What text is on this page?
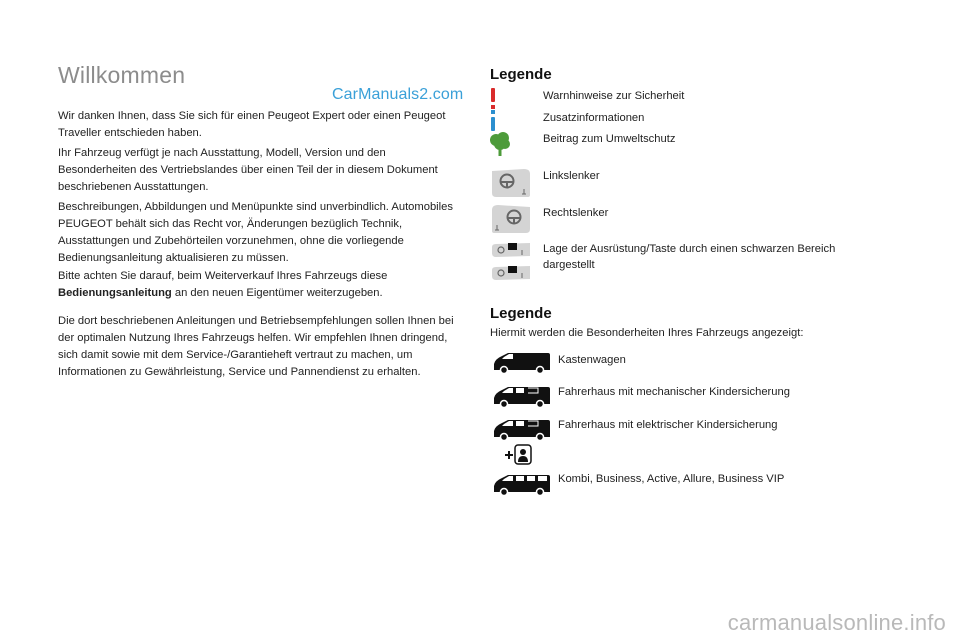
Willkommen
CarManuals2.com

Wir danken Ihnen, dass Sie sich für einen Peugeot Expert oder einen Peugeot Traveller entschieden haben.

Ihr Fahrzeug verfügt je nach Ausstattung, Modell, Version und den Besonderheiten des Vertriebslandes über einen Teil der in diesem Dokument beschriebenen Ausstattungen.

Beschreibungen, Abbildungen und Menüpunkte sind unverbindlich. Automobiles PEUGEOT behält sich das Recht vor, Änderungen bezüglich Technik, Ausstattungen und Zubehörteilen vorzunehmen, ohne die vorliegende Bedienungsanleitung aktualisieren zu müssen.

Bitte achten Sie darauf, beim Weiterverkauf Ihres Fahrzeugs diese Bedienungsanleitung an den neuen Eigentümer weiterzugeben.

Die dort beschriebenen Anleitungen und Betriebsempfehlungen sollen Ihnen bei der optimalen Nutzung Ihres Fahrzeugs helfen. Wir empfehlen Ihnen dringend, sich damit sowie mit dem Service-/Garantieheft vertraut zu machen, um Informationen zu Gewährleistung, Service und Pannendienst zu erhalten.

Legende
Warnhinweise zur Sicherheit
Zusatzinformationen
Beitrag zum Umweltschutz
Linkslenker
Rechtslenker
Lage der Ausrüstung/Taste durch einen schwarzen Bereich dargestellt
Legende
Hiermit werden die Besonderheiten Ihres Fahrzeugs angezeigt:
Kastenwagen
Fahrerhaus mit mechanischer Kindersicherung
Fahrerhaus mit elektrischer Kindersicherung
Kombi, Business, Active, Allure, Business VIP
carmanualsonline.info
